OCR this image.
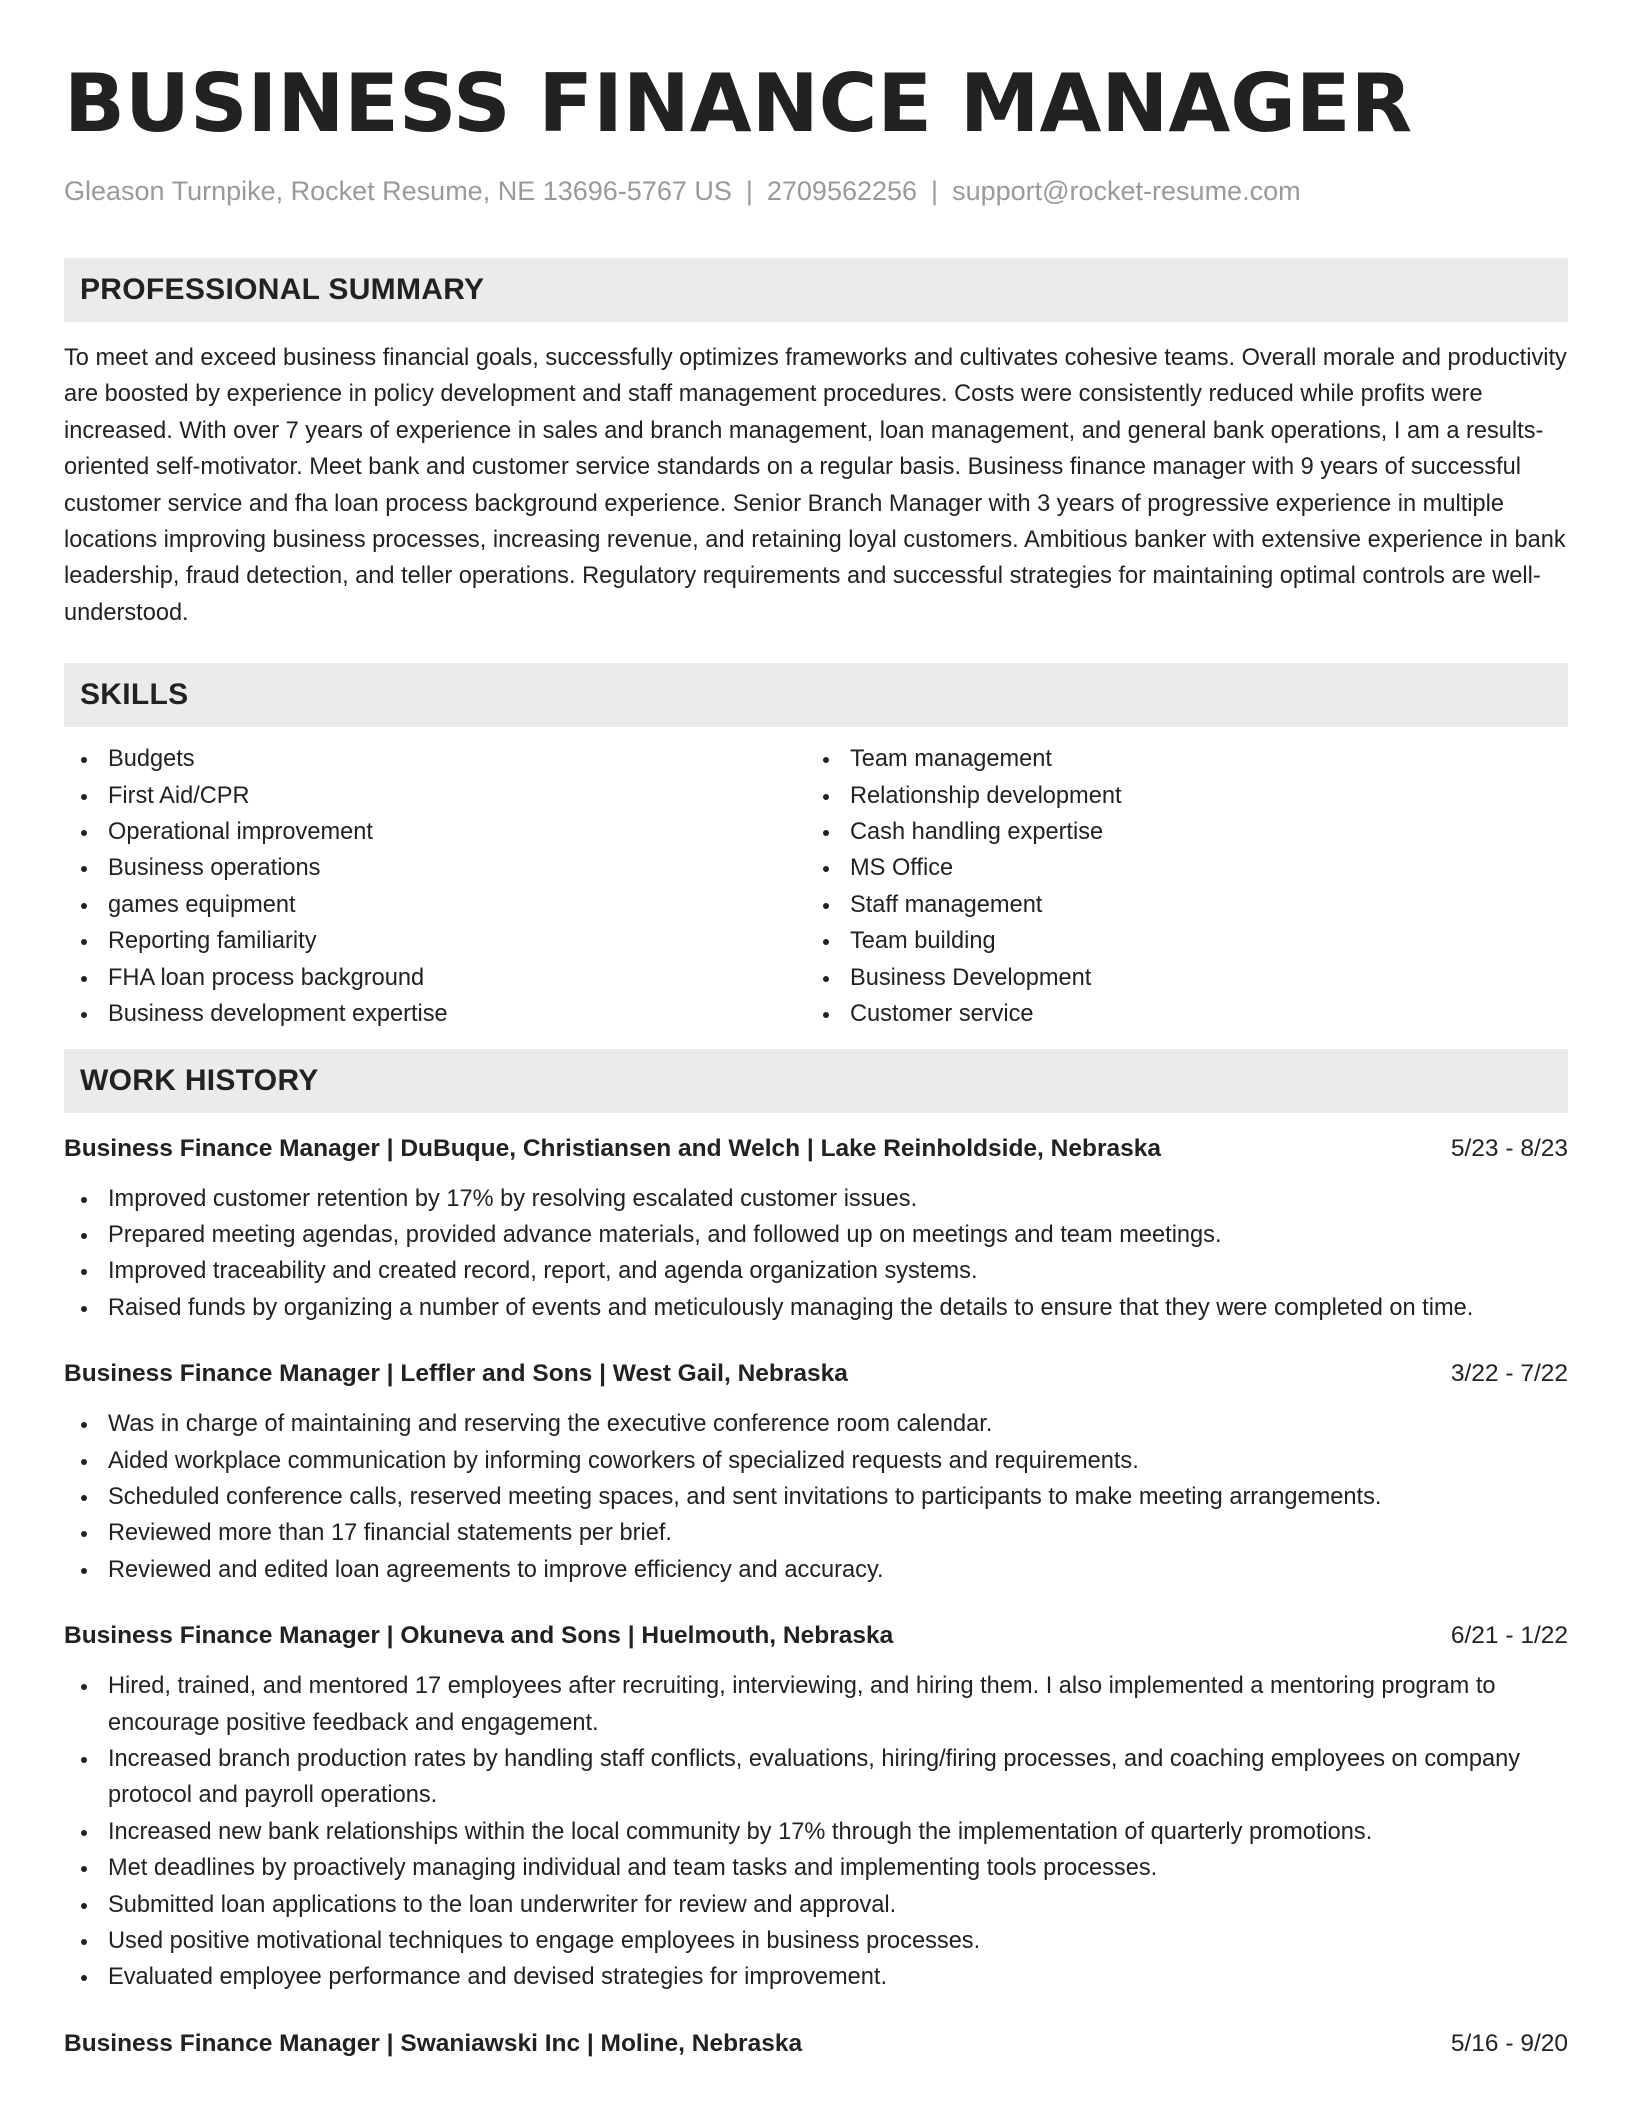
BUSINESS FINANCE MANAGER
Gleason Turnpike, Rocket Resume, NE 13696-5767 US | 2709562256 | support@rocket-resume.com
PROFESSIONAL SUMMARY
To meet and exceed business financial goals, successfully optimizes frameworks and cultivates cohesive teams. Overall morale and productivity are boosted by experience in policy development and staff management procedures. Costs were consistently reduced while profits were increased. With over 7 years of experience in sales and branch management, loan management, and general bank operations, I am a results-oriented self-motivator. Meet bank and customer service standards on a regular basis. Business finance manager with 9 years of successful customer service and fha loan process background experience. Senior Branch Manager with 3 years of progressive experience in multiple locations improving business processes, increasing revenue, and retaining loyal customers. Ambitious banker with extensive experience in bank leadership, fraud detection, and teller operations. Regulatory requirements and successful strategies for maintaining optimal controls are well-understood.
SKILLS
Budgets
First Aid/CPR
Operational improvement
Business operations
games equipment
Reporting familiarity
FHA loan process background
Business development expertise
Team management
Relationship development
Cash handling expertise
MS Office
Staff management
Team building
Business Development
Customer service
WORK HISTORY
Business Finance Manager | DuBuque, Christiansen and Welch | Lake Reinholdside, Nebraska	5/23 - 8/23
Improved customer retention by 17% by resolving escalated customer issues.
Prepared meeting agendas, provided advance materials, and followed up on meetings and team meetings.
Improved traceability and created record, report, and agenda organization systems.
Raised funds by organizing a number of events and meticulously managing the details to ensure that they were completed on time.
Business Finance Manager | Leffler and Sons | West Gail, Nebraska	3/22 - 7/22
Was in charge of maintaining and reserving the executive conference room calendar.
Aided workplace communication by informing coworkers of specialized requests and requirements.
Scheduled conference calls, reserved meeting spaces, and sent invitations to participants to make meeting arrangements.
Reviewed more than 17 financial statements per brief.
Reviewed and edited loan agreements to improve efficiency and accuracy.
Business Finance Manager | Okuneva and Sons | Huelmouth, Nebraska	6/21 - 1/22
Hired, trained, and mentored 17 employees after recruiting, interviewing, and hiring them. I also implemented a mentoring program to encourage positive feedback and engagement.
Increased branch production rates by handling staff conflicts, evaluations, hiring/firing processes, and coaching employees on company protocol and payroll operations.
Increased new bank relationships within the local community by 17% through the implementation of quarterly promotions.
Met deadlines by proactively managing individual and team tasks and implementing tools processes.
Submitted loan applications to the loan underwriter for review and approval.
Used positive motivational techniques to engage employees in business processes.
Evaluated employee performance and devised strategies for improvement.
Business Finance Manager | Swaniawski Inc | Moline, Nebraska	5/16 - 9/20
